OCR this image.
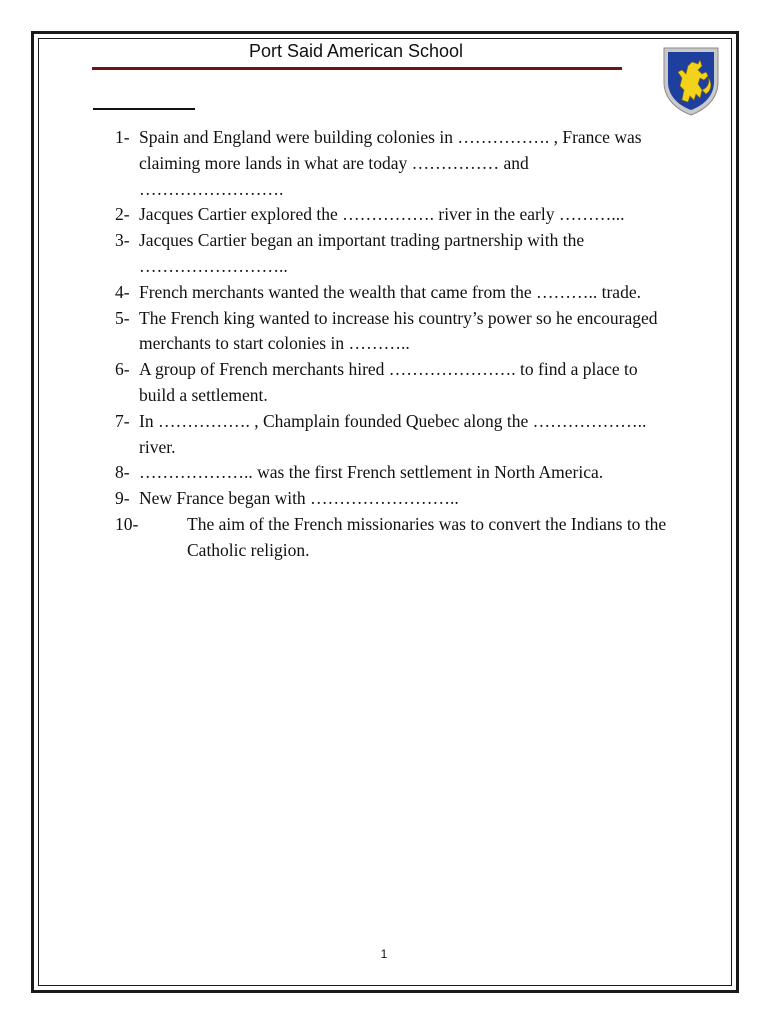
Port Said American School
1- Spain and England were building colonies in ……………. , France was claiming more lands in what are today …………… and …………………….
2- Jacques Cartier explored the ……………. river in the early ………...
3- Jacques Cartier began an important trading partnership with the ……………………..
4- French merchants wanted the wealth that came from the ……….. trade.
5- The French king wanted to increase his country’s power so he encouraged merchants to start colonies in ………..
6- A group of French merchants hired …………………. to find a place to build a settlement.
7- In ……………. , Champlain founded Quebec along the ……………….. river.
8- ……………….. was the first French settlement in North America.
9- New France began with ……………………..
10-	The aim of the French missionaries was to convert the Indians to the Catholic religion.
1
